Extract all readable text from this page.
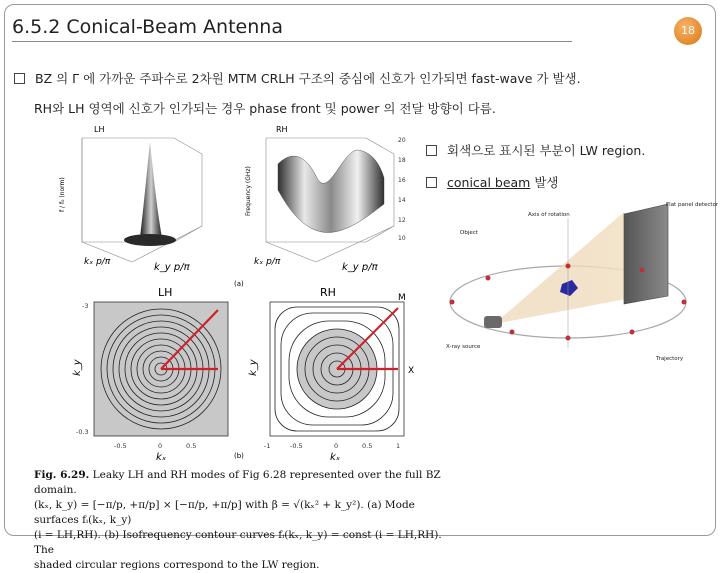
6.5.2 Conical-Beam Antenna	18
BZ 의 Γ 에 가까운 주파수로 2차원 MTM CRLH 구조의 중심에 신호가 인가되면 fast-wave 가 발생.
RH와 LH 영역에 신호가 인가되는 경우 phase front 및 power 의 전달 방향이 다름.
회색으로 표시된 부분이 LW region.
conical beam 발생
LH
f / f₀ (norm)
kₓ p/π	k_y p/π
RH
20
18
16
14
12
10
Frequency (GHz)
kₓ p/π	k_y p/π
(a)
LH
k_y
kₓ
-3
-0.5	0	0.5
-0.3
RH	M
X
k_y
kₓ
-1	-0.5	0	0.5	1
(b)
Axis of rotation
Object
Flat panel detector
X-ray source
Trajectory
Fig. 6.29. Leaky LH and RH modes of Fig 6.28 represented over the full BZ domain.
(kₓ, k_y) = [−π/p, +π/p] × [−π/p, +π/p] with β = √(kₓ² + k_y²). (a) Mode surfaces fᵢ(kₓ, k_y)
(i = LH,RH). (b) Isofrequency contour curves fᵢ(kₓ, k_y) = const (i = LH,RH). The
shaded circular regions correspond to the LW region.
